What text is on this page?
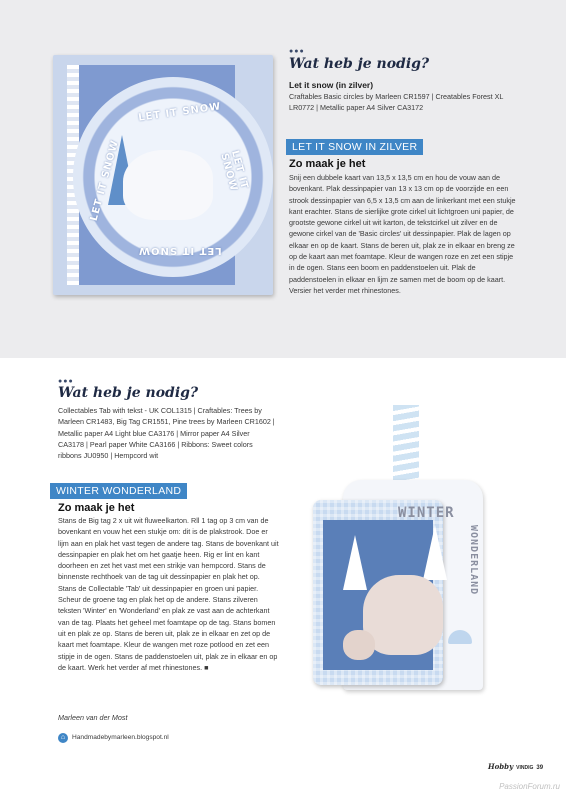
LET IT SNOW
LET IT SNOW
LET IT SNOW
LET IT SNOW
●●●
Wat heb je nodig?
Let it snow (in zilver)
Craftables Basic circles by Marleen CR1597 | Creatables Forest XL LR0772 | Metallic paper A4 Silver CA3172
LET IT SNOW IN ZILVER
Zo maak je het
Snij een dubbele kaart van 13,5 x 13,5 cm en hou de vouw aan de bovenkant. Plak dessinpapier van 13 x 13 cm op de voorzijde en een strook dessinpapier van 6,5 x 13,5 cm aan de linkerkant met een stukje kant erachter. Stans de sierlijke grote cirkel uit lichtgroen uni papier, de grootste gewone cirkel uit wit karton, de tekstcirkel uit zilver en de gewone cirkel van de 'Basic circles' uit dessinpapier. Plak de lagen op elkaar en op de kaart. Stans de beren uit, plak ze in elkaar en breng ze op de kaart aan met foamtape. Kleur de wangen roze en zet een stipje in de ogen. Stans een boom en paddenstoelen uit. Plak de paddenstoelen in elkaar en lijm ze samen met de boom op de kaart. Versier het verder met rhinestones.
●●●
Wat heb je nodig?
Collectables Tab with tekst - UK COL1315 | Craftables: Trees by Marleen CR1483, Big Tag CR1551, Pine trees by Marleen CR1602 | Metallic paper A4 Light blue CA3176 | Mirror paper A4 Silver CA3178 | Pearl paper White CA3166 | Ribbons: Sweet colors ribbons JU0950 | Hempcord wit
WINTER WONDERLAND
Zo maak je het
Stans de Big tag 2 x uit wit fluweelkarton. Rll 1 tag op 3 cm van de bovenkant en vouw het een stukje om: dit is de plakstrook. Doe er lijm aan en plak het vast tegen de andere tag. Stans de bovenkant uit dessinpapier en plak het om het gaatje heen. Rig er lint en kant doorheen en zet het vast met een strikje van hempcord. Stans de binnenste rechthoek van de tag uit dessinpapier en plak het op. Stans de Collectable 'Tab' uit dessinpapier en groen uni papier. Scheur de groene tag en plak het op de andere. Stans zilveren teksten 'Winter' en 'Wonderland' en plak ze vast aan de achterkant van de tag. Plaats het geheel met foamtape op de tag. Stans bomen uit en plak ze op. Stans de beren uit, plak ze in elkaar en zet op de kaart met foamtape. Kleur de wangen met roze potlood en zet een stipje in de ogen. Stans de paddenstoelen uit, plak ze in elkaar en op de kaart. Werk het verder af met rhinestones. ■
Marleen van der Most
⌂	Handmadebymarleen.blogspot.nl
WINTER
WONDERLAND
Hobby VINDIG 39
PassionForum.ru
